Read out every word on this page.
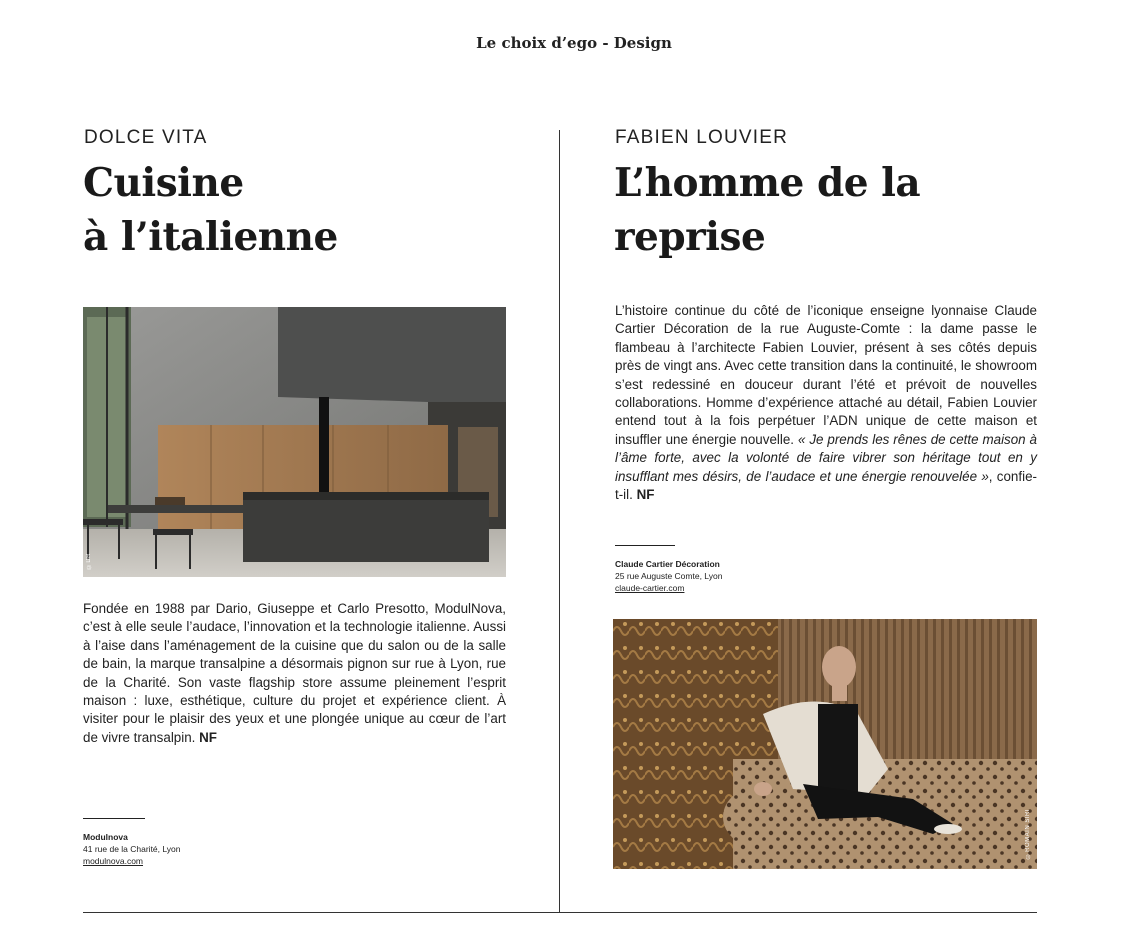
Le choix d’ego - Design
DOLCE VITA
Cuisine
à l’italienne
©DR
Fondée en 1988 par Dario, Giuseppe et Carlo Presotto, ModulNova, c’est à elle seule l’audace, l’innovation et la technologie italienne. Aussi à l’aise dans l’aménagement de la cuisine que du salon ou de la salle de bain, la marque transalpine a désormais pignon sur rue à Lyon, rue de la Charité. Son vaste flagship store assume pleinement l’esprit maison : luxe, esthétique, culture du projet et expérience client. À visiter pour le plaisir des yeux et une plongée unique au cœur de l’art de vivre transalpin. NF
Modulnova
41 rue de la Charité, Lyon
modulnova.com
FABIEN LOUVIER
L’homme de la
reprise
L’histoire continue du côté de l’iconique enseigne lyonnaise Claude Cartier Décoration de la rue Auguste-Comte : la dame passe le flambeau à l’architecte Fabien Louvier, présent à ses côtés depuis près de vingt ans. Avec cette transition dans la continuité, le showroom s’est redessiné en douceur durant l’été et prévoit de nouvelles collaborations. Homme d’expérience attaché au détail, Fabien Louvier entend tout à la fois perpétuer l’ADN unique de cette maison et insuffler une énergie nouvelle. « Je prends les rênes de cette maison à l’âme forte, avec la volonté de faire vibrer son héritage tout en y insufflant mes désirs, de l’audace et une énergie renouvelée », confie-t-il. NF
Claude Cartier Décoration
25 rue Auguste Comte, Lyon
claude-cartier.com
©ROMAIN SIRI
